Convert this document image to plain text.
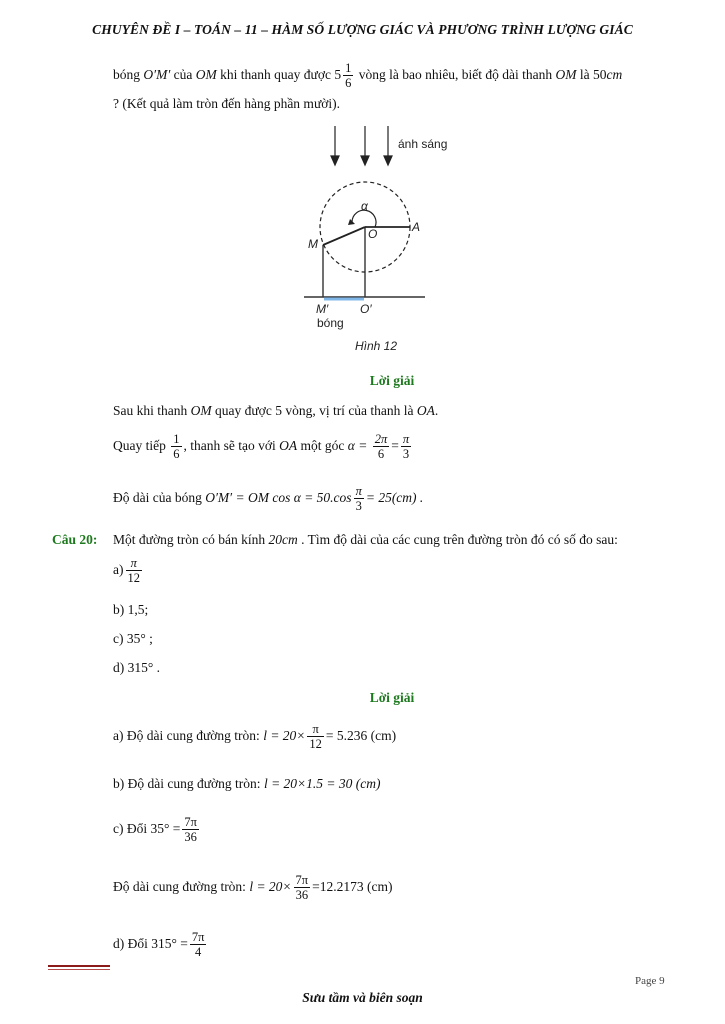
CHUYÊN ĐỀ I – TOÁN – 11 – HÀM SỐ LƯỢNG GIÁC VÀ PHƯƠNG TRÌNH LƯỢNG GIÁC
bóng O′M′ của OM khi thanh quay được $5 \frac{1}{6}$ vòng là bao nhiêu, biết độ dài thanh OM là 50cm
? (Kết quả làm tròn đến hàng phần mười).
ánh sáng
α
O	A
M
M′	O′
bóng
Hình 12
Lời giải
Sau khi thanh OM quay được 5 vòng, vị trí của thanh là OA.
Quay tiếp $\frac{1}{6}$ , thanh sẽ tạo với OA một góc $\alpha = \frac{2\pi}{6} = \frac{\pi}{3}$
Độ dài của bóng O′M′ = OM $\cos \alpha = 50.\cos \frac{\pi}{3} = 25(cm)$ .
Câu 20: Một đường tròn có bán kính 20cm . Tìm độ dài của các cung trên đường tròn đó có số đo sau:
$a) \frac{\pi}{12}$
b) 1,5;
c) 35° ;
d) 315° .
Lời giải
a) Độ dài cung đường tròn: $l = 20\times \frac{\pi}{12} = 5.236$ (cm)
b) Độ dài cung đường tròn: l = 20×1.5 = 30 (cm)
c) Đổi $35^\circ = \frac{7\pi}{36}$
Độ dài cung đường tròn: $l = 20\times \frac{7\pi}{36} =12.2173$ (cm)
d) Đổi $315^\circ = \frac{7\pi}{4}$
Page 9
Sưu tầm và biên soạn
